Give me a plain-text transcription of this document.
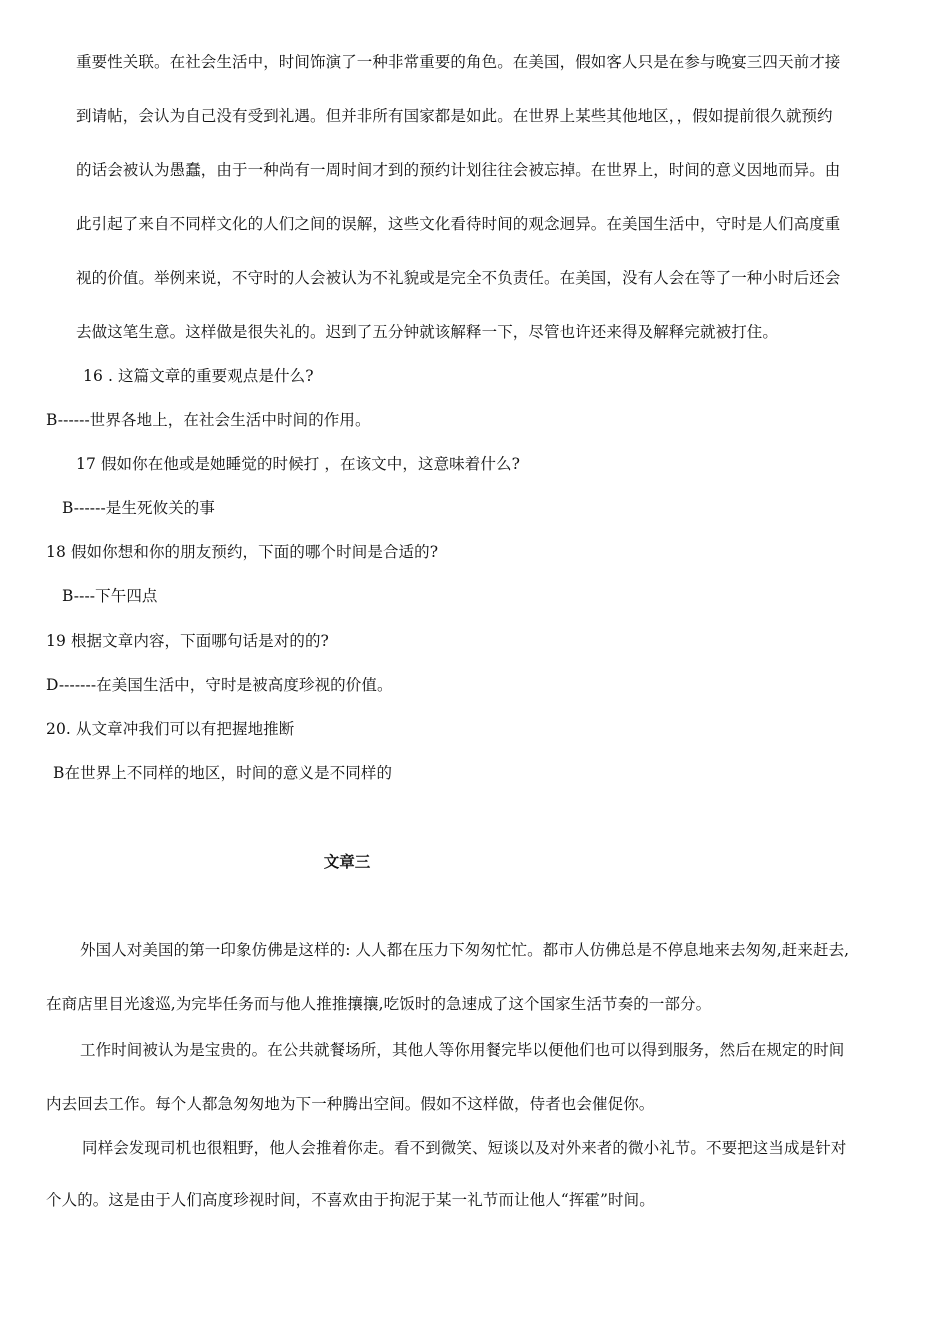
重要性关联。在社会生活中，时间饰演了一种非常重要的角色。在美国，假如客人只是在参与晚宴三四天前才接
到请帖，会认为自己没有受到礼遇。但并非所有国家都是如此。在世界上某些其他地区，，假如提前很久就预约
的话会被认为愚蠢，由于一种尚有一周时间才到的预约计划往往会被忘掉。在世界上，时间的意义因地而异。由
此引起了来自不同样文化的人们之间的误解，这些文化看待时间的观念迥异。在美国生活中，守时是人们高度重
视的价值。举例来说，不守时的人会被认为不礼貌或是完全不负责任。在美国，没有人会在等了一种小时后还会
去做这笔生意。这样做是很失礼的。迟到了五分钟就该解释一下，尽管也许还来得及解释完就被打住。
16 . 这篇文章的重要观点是什么?
B------世界各地上，在社会生活中时间的作用。
17 假如你在他或是她睡觉的时候打 ，在该文中，这意味着什么?
B------是生死攸关的事
18 假如你想和你的朋友预约，下面的哪个时间是合适的?
B----下午四点
19 根据文章内容，下面哪句话是对的的?
D-------在美国生活中，守时是被高度珍视的价值。
20. 从文章冲我们可以有把握地推断
B在世界上不同样的地区，时间的意义是不同样的
文章三
外国人对美国的第一印象仿佛是这样的: 人人都在压力下匆匆忙忙。都市人仿佛总是不停息地来去匆匆,赶来赶去,
在商店里目光逡巡,为完毕任务而与他人推推攘攘,吃饭时的急速成了这个国家生活节奏的一部分。
工作时间被认为是宝贵的。在公共就餐场所，其他人等你用餐完毕以便他们也可以得到服务，然后在规定的时间
内去回去工作。每个人都急匆匆地为下一种腾出空间。假如不这样做，侍者也会催促你。
同样会发现司机也很粗野，他人会推着你走。看不到微笑、短谈以及对外来者的微小礼节。不要把这当成是针对
个人的。这是由于人们高度珍视时间，不喜欢由于拘泥于某一礼节而让他人“挥霍”时间。
